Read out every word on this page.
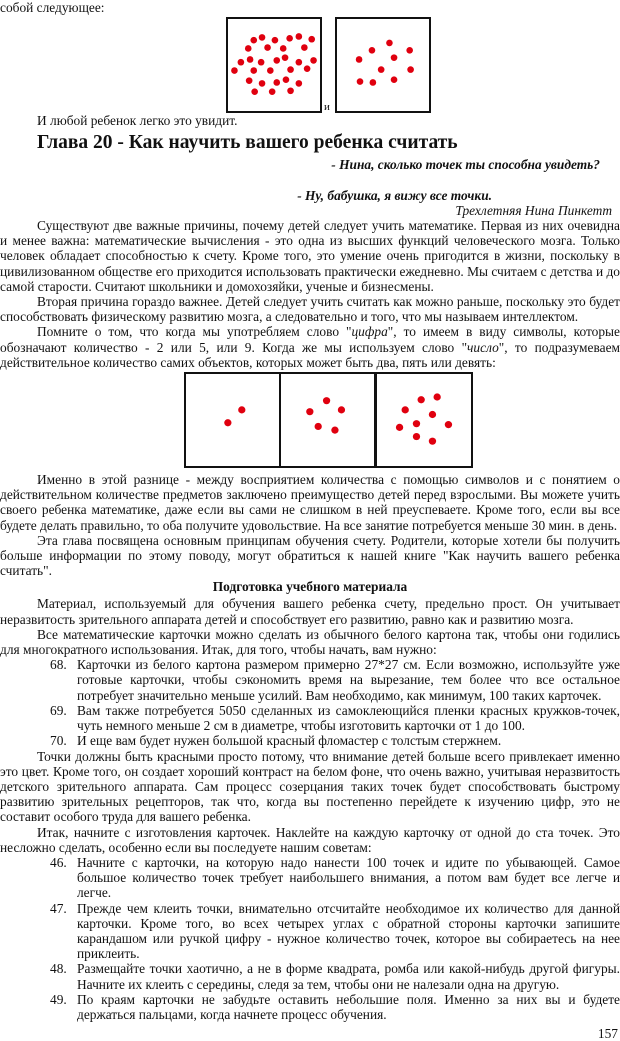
собой следующее:

и

И любой ребенок легко это увидит.

Глава 20 - Как научить вашего ребенка считать

- Нина, сколько точек ты способна увидеть?

- Ну, бабушка, я вижу все точки.

Трехлетняя Нина Пинкетт

Существуют две важные причины, почему детей следует учить математике. Первая из них очевидна и менее важна: математические вычисления - это одна из высших функций человеческого мозга. Только человек обладает способностью к счету. Кроме того, это умение очень пригодится в жизни, поскольку в цивилизованном обществе его приходится использовать практически ежедневно. Мы считаем с детства и до самой старости. Считают школьники и домохозяйки, ученые и бизнесмены.

Вторая причина гораздо важнее. Детей следует учить считать как можно раньше, поскольку это будет способствовать физическому развитию мозга, а следовательно и того, что мы называем интеллектом.

Помните о том, что когда мы употребляем слово "цифра", то имеем в виду символы, которые обозначают количество - 2 или 5, или 9. Когда же мы используем слово "число", то подразумеваем действительное количество самих объектов, которых может быть два, пять или девять:

Именно в этой разнице - между восприятием количества с помощью символов и с понятием о действительном количестве предметов заключено преимущество детей перед взрослыми. Вы можете учить своего ребенка математике, даже если вы сами не слишком в ней преуспеваете. Кроме того, если вы все будете делать правильно, то оба получите удовольствие. На все занятие потребуется меньше 30 мин. в день.

Эта глава посвящена основным принципам обучения счету. Родители, которые хотели бы получить больше информации по этому поводу, могут обратиться к нашей книге "Как научить вашего ребенка считать".

Подготовка учебного материала

Материал, используемый для обучения вашего ребенка счету, предельно прост. Он учитывает неразвитость зрительного аппарата детей и способствует его развитию, равно как и развитию мозга.

Все математические карточки можно сделать из обычного белого картона так, чтобы они годились для многократного использования. Итак, для того, чтобы начать, вам нужно:

68. Карточки из белого картона размером примерно 27*27 см. Если возможно, используйте уже готовые карточки, чтобы сэкономить время на вырезание, тем более что все остальное потребует значительно меньше усилий. Вам необходимо, как минимум, 100 таких карточек.
69. Вам также потребуется 5050 сделанных из самоклеющийся пленки красных кружков-точек, чуть немного меньше 2 см в диаметре, чтобы изготовить карточки от 1 до 100.
70. И еще вам будет нужен большой красный фломастер с толстым стержнем.

Точки должны быть красными просто потому, что внимание детей больше всего привлекает именно это цвет. Кроме того, он создает хороший контраст на белом фоне, что очень важно, учитывая неразвитость детского зрительного аппарата. Сам процесс созерцания таких точек будет способствовать быстрому развитию зрительных рецепторов, так что, когда вы постепенно перейдете к изучению цифр, это не составит особого труда для вашего ребенка.

Итак, начните с изготовления карточек. Наклейте на каждую карточку от одной до ста точек. Это несложно сделать, особенно если вы последуете нашим советам:

46. Начните с карточки, на которую надо нанести 100 точек и идите по убывающей. Самое большое количество точек требует наибольшего внимания, а потом вам будет все легче и легче.
47. Прежде чем клеить точки, внимательно отсчитайте необходимое их количество для данной карточки. Кроме того, во всех четырех углах с обратной стороны карточки запишите карандашом или ручкой цифру - нужное количество точек, которое вы собираетесь на нее приклеить.
48. Размещайте точки хаотично, а не в форме квадрата, ромба или какой-нибудь другой фигуры. Начните их клеить с середины, следя за тем, чтобы они не налезали одна на другую.
49. По краям карточки не забудьте оставить небольшие поля. Именно за них вы и будете держаться пальцами, когда начнете процесс обучения.
157
